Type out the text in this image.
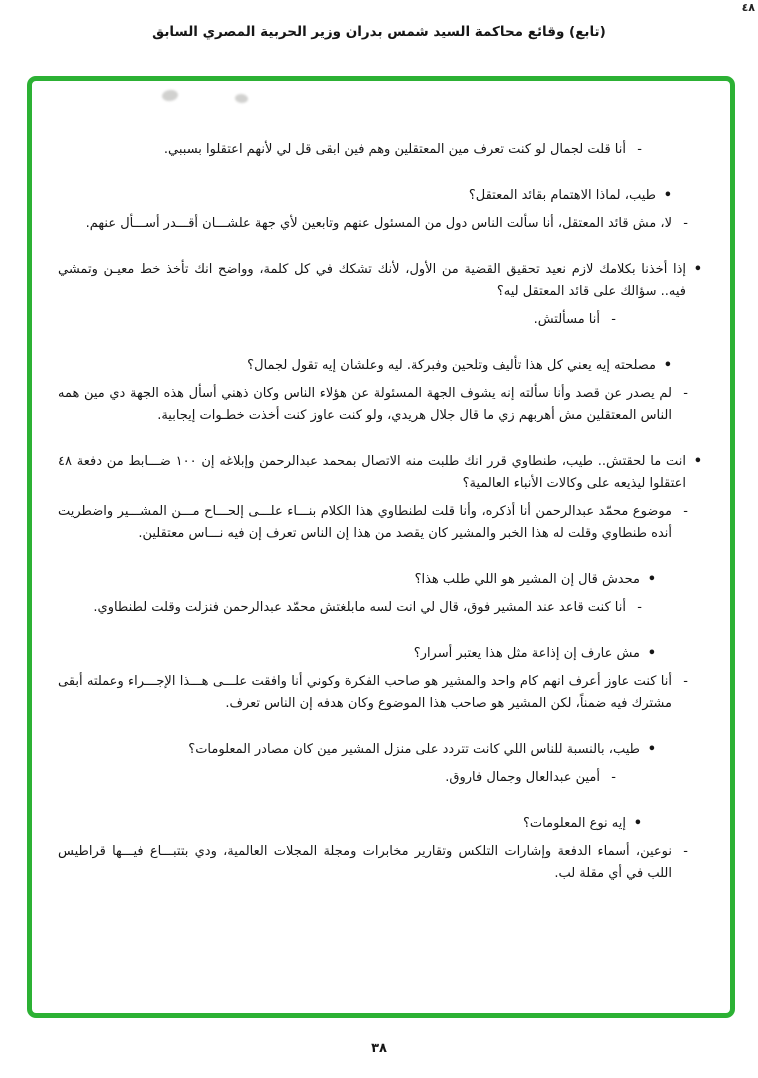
٤٨
(تابع) وقائع محاكمة السيد شمس بدران وزير الحربية المصري السابق
-
أنا قلت لجمال لو كنت تعرف مين المعتقلين وهم فين ابقى قل لي لأنهم اعتقلوا بسببي.
•
طيب، لماذا الاهتمام بقائد المعتقل؟
-
لا، مش قائد المعتقل، أنا سألت الناس دول من المسئول عنهم وتابعين لأي جهة علشـــان أقـــدر أســـأل عنهم.
•
إذا أخذنا بكلامك لازم نعيد تحقيق القضية من الأول، لأنك تشكك في كل كلمة، وواضح انك تأخذ خط معيـن وتمشي فيه.. سؤالك على قائد المعتقل ليه؟
-
أنا مسألتش.
•
مصلحته إيه يعني كل هذا تأليف وتلحين وفبركة. ليه وعلشان إيه تقول لجمال؟
-
لم يصدر عن قصد وأنا سألته إنه يشوف الجهة المسئولة عن هؤلاء الناس وكان ذهني أسأل هذه الجهة دي مين همه الناس المعتقلين مش أهربهم زي ما قال جلال هريدي، ولو كنت عاوز كنت أخذت خطـوات إيجابية.
•
انت ما لحقتش.. طيب، طنطاوي قرر انك طلبت منه الاتصال بمحمد عبدالرحمن وإبلاغه إن ١٠٠ ضـــابط من دفعة ٤٨ اعتقلوا ليذيعه على وكالات الأنباء العالمية؟
-
موضوع محمّد عبدالرحمن أنا أذكره، وأنا قلت لطنطاوي هذا الكلام بنـــاء علـــى إلحـــاح مـــن المشـــير واضطريت أنده طنطاوي وقلت له هذا الخبر والمشير كان يقصد من هذا إن الناس تعرف إن فيه نـــاس معتقلين.
•
محدش قال إن المشير هو اللي طلب هذا؟
-
أنا كنت قاعد عند المشير فوق، قال لي انت لسه مابلغتش محمّد عبدالرحمن فنزلت وقلت لطنطاوي.
•
مش عارف إن إذاعة مثل هذا يعتبر أسرار؟
-
أنا كنت عاوز أعرف انهم كام واحد والمشير هو صاحب الفكرة وكوني أنا وافقت علـــى هـــذا الإجـــراء وعملته أبقى مشترك فيه ضمناً، لكن المشير هو صاحب هذا الموضوع وكان هدفه إن الناس تعرف.
•
طيب، بالنسبة للناس اللي كانت تتردد على منزل المشير مين كان مصادر المعلومات؟
-
أمين عبدالعال وجمال فاروق.
•
إيه نوع المعلومات؟
-
نوعين، أسماء الدفعة وإشارات التلكس وتقارير مخابرات ومجلة المجلات العالمية، ودي بتتبـــاع فيـــها قراطيس اللب في أي مقلة لب.
٣٨
